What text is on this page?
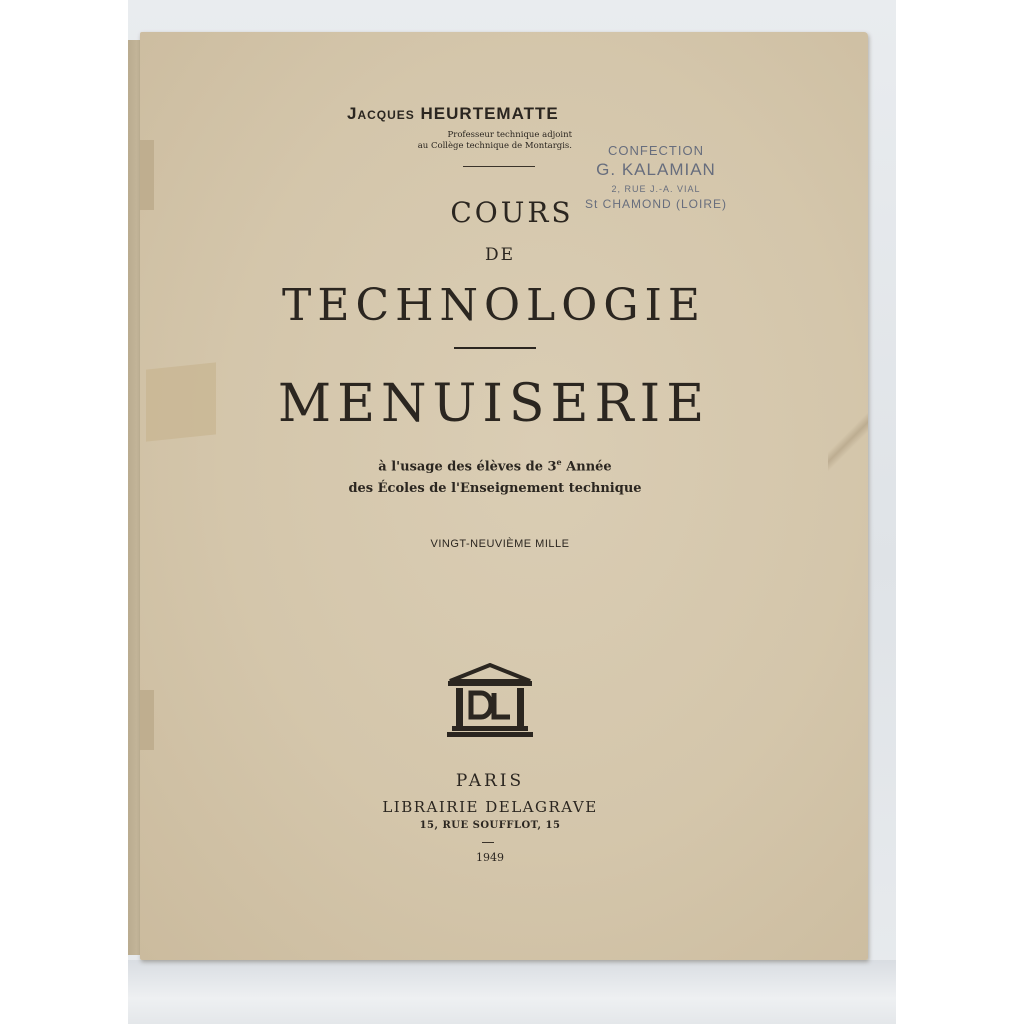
Jacques HEURTEMATTE
Professeur technique adjoint
au Collège technique de Montargis.	CONFECTION
G. KALAMIAN
2, RUE J.-A. VIAL
St CHAMOND (LOIRE)
COURS
DE
TECHNOLOGIE
MENUISERIE
à l'usage des élèves de 3e Année
des Écoles de l'Enseignement technique
VINGT-NEUVIÈME MILLE
PARIS
LIBRAIRIE DELAGRAVE
15, RUE SOUFFLOT, 15
1949
